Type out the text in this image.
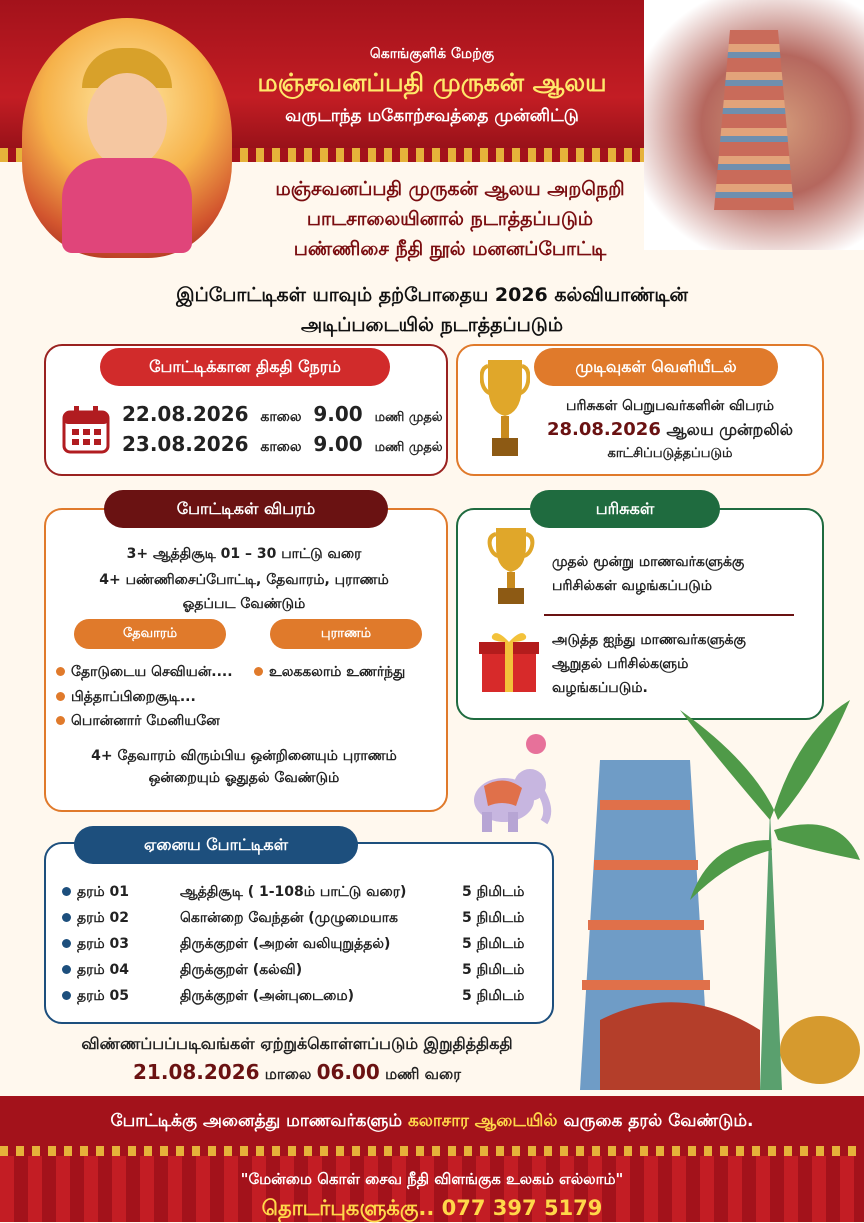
கொங்குளிக் மேற்கு
மஞ்சவனப்பதி முருகன் ஆலய
வருடாந்த மகோற்சவத்தை முன்னிட்டு
மஞ்சவனப்பதி முருகன் ஆலய அறநெறி
பாடசாலையினால் நடாத்தப்படும்
பண்ணிசை நீதி நூல் மனனப்போட்டி
இப்போட்டிகள் யாவும் தற்போதைய 2026 கல்வியாண்டின்
அடிப்படையில் நடாத்தப்படும்
போட்டிக்கான திகதி நேரம்
22.08.2026 காலை 9.00 மணி முதல்
23.08.2026 காலை 9.00 மணி முதல்
முடிவுகள் வெளியீடல்
பரிசுகள் பெறுபவர்களின் விபரம்
28.08.2026 ஆலய முன்றலில்
காட்சிப்படுத்தப்படும்
போட்டிகள் விபரம்
3+ ஆத்திசூடி 01 – 30 பாட்டு வரை
4+ பண்ணிசைப்போட்டி, தேவாரம், புராணம்
ஓதப்பட வேண்டும்
தேவாரம்	புராணம்
தோடுடைய செவியன்....
பித்தாப்பிறைசூடி...
பொன்னார் மேனியனே
உலககலாம் உணர்ந்து
4+ தேவாரம் விரும்பிய ஒன்றினையும் புராணம்
ஒன்றையும் ஓதுதல் வேண்டும்
பரிசுகள்
முதல் மூன்று மாணவர்களுக்கு
பரிசில்கள் வழங்கப்படும்
அடுத்த ஐந்து மாணவர்களுக்கு
ஆறுதல் பரிசில்களும்
வழங்கப்படும்.
ஏனைய போட்டிகள்
தரம் 01	ஆத்திசூடி ( 1-108ம் பாட்டு வரை)	5 நிமிடம்
தரம் 02	கொன்றை வேந்தன் (முழுமையாக	5 நிமிடம்
தரம் 03	திருக்குறள் (அறன் வலியுறுத்தல்)	5 நிமிடம்
தரம் 04	திருக்குறள் (கல்வி)	5 நிமிடம்
தரம் 05	திருக்குறள் (அன்புடைமை)	5 நிமிடம்
விண்ணப்பப்படிவங்கள் ஏற்றுக்கொள்ளப்படும் இறுதித்திகதி
21.08.2026 மாலை 06.00 மணி வரை
போட்டிக்கு அனைத்து மாணவர்களும் கலாசார ஆடையில் வருகை தரல் வேண்டும்.
"மேன்மை கொள் சைவ நீதி விளங்குக உலகம் எல்லாம்"
தொடர்புகளுக்கு.. 077 397 5179
